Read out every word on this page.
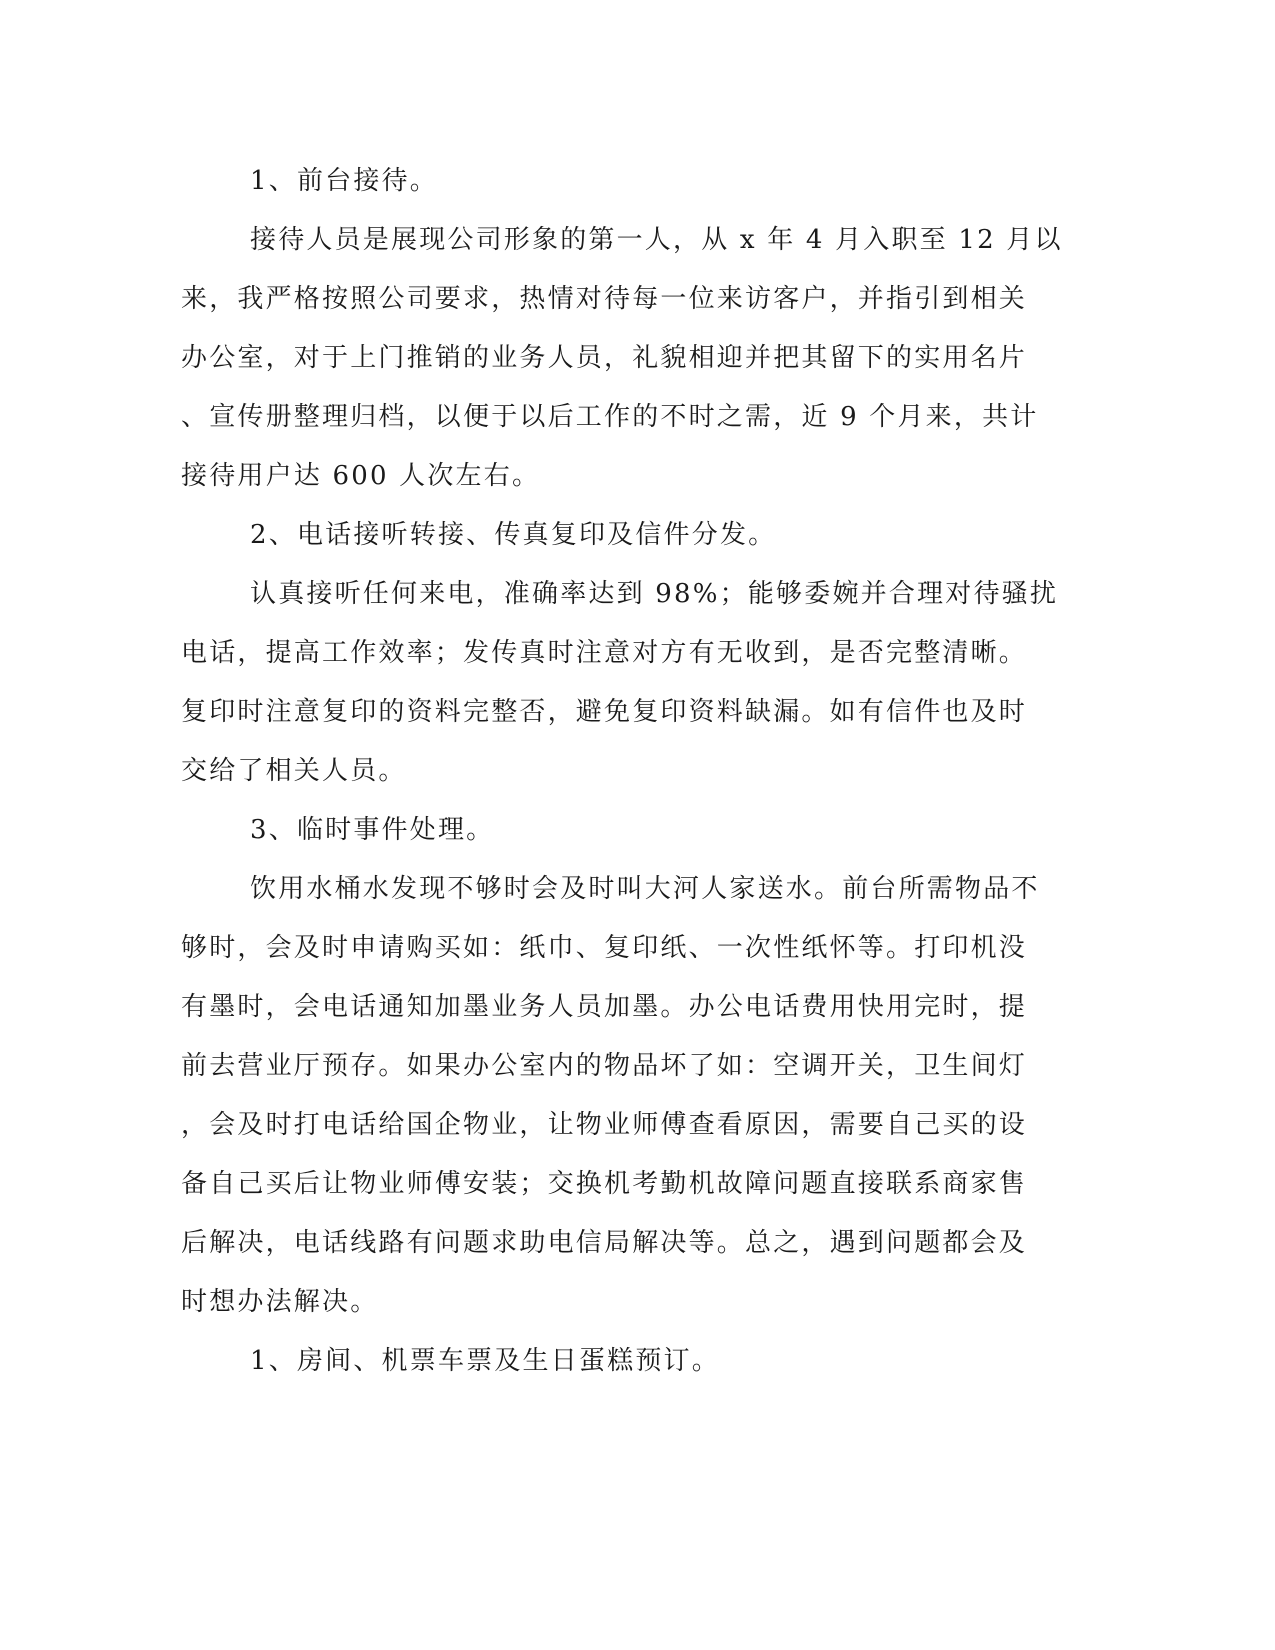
1、前台接待。
接待人员是展现公司形象的第一人，从 x 年 4 月入职至 12 月以
来，我严格按照公司要求，热情对待每一位来访客户，并指引到相关
办公室，对于上门推销的业务人员，礼貌相迎并把其留下的实用名片
、宣传册整理归档，以便于以后工作的不时之需，近 9 个月来，共计
接待用户达 600 人次左右。
2、电话接听转接、传真复印及信件分发。
认真接听任何来电，准确率达到 98%；能够委婉并合理对待骚扰
电话，提高工作效率；发传真时注意对方有无收到，是否完整清晰。
复印时注意复印的资料完整否，避免复印资料缺漏。如有信件也及时
交给了相关人员。
3、临时事件处理。
饮用水桶水发现不够时会及时叫大河人家送水。前台所需物品不
够时，会及时申请购买如：纸巾、复印纸、一次性纸怀等。打印机没
有墨时，会电话通知加墨业务人员加墨。办公电话费用快用完时，提
前去营业厅预存。如果办公室内的物品坏了如：空调开关，卫生间灯
，会及时打电话给国企物业，让物业师傅查看原因，需要自己买的设
备自己买后让物业师傅安装；交换机考勤机故障问题直接联系商家售
后解决，电话线路有问题求助电信局解决等。总之，遇到问题都会及
时想办法解决。
1、房间、机票车票及生日蛋糕预订。
